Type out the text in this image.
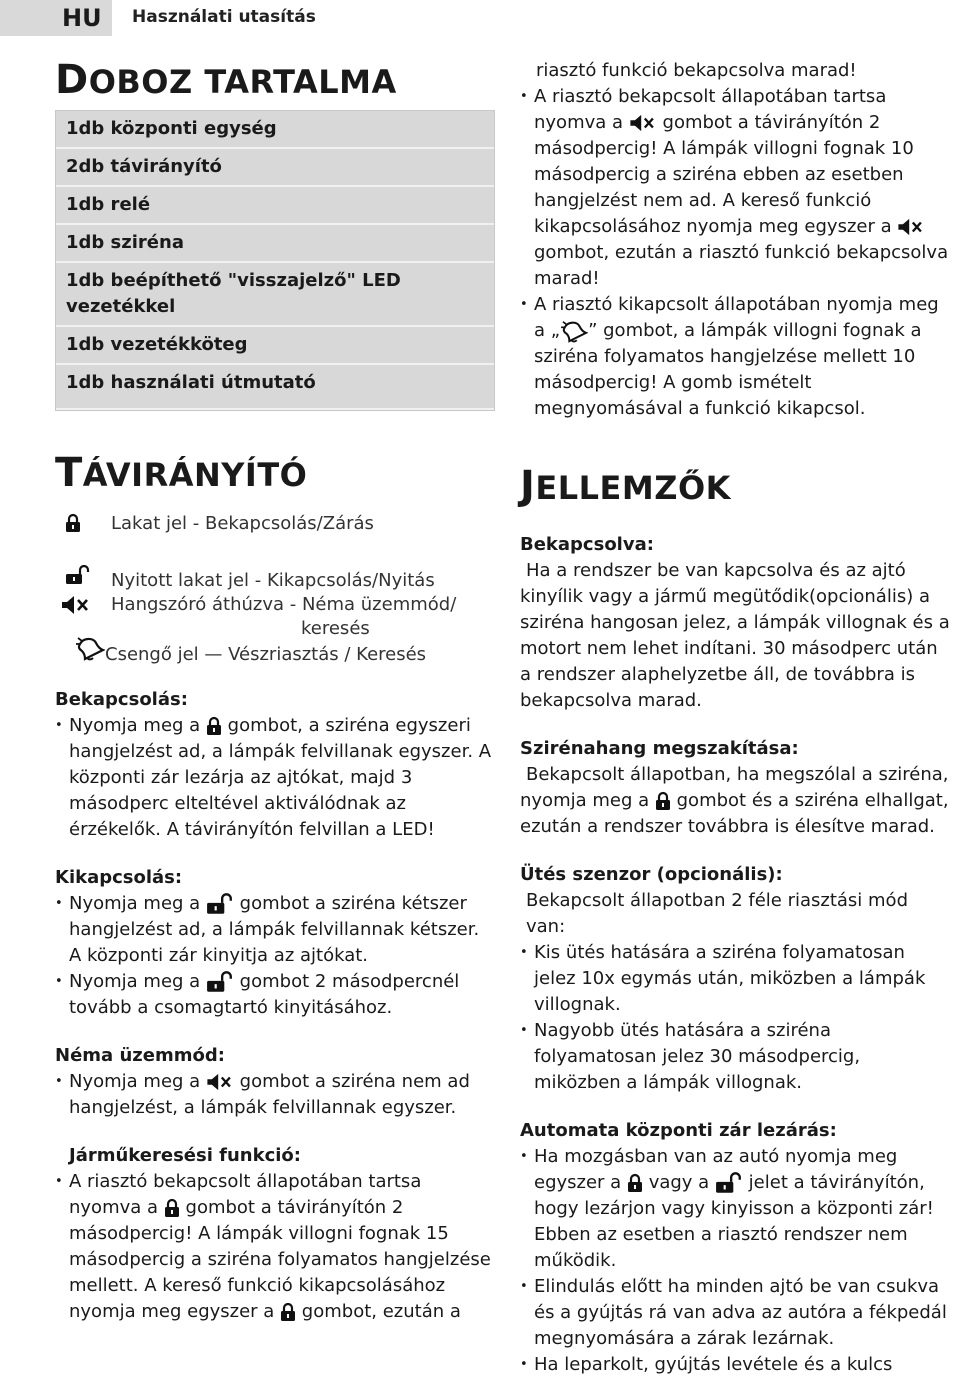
HU	Használati utasítás
DOBOZ TARTALMA
1db központi egység
2db távirányító
1db relé
1db sziréna
1db beépíthető "visszajelző" LED vezetékkel
1db vezetékköteg
1db használati útmutató
TÁVIRÁNYÍTÓ
Lakat jel - Bekapcsolás/Zárás
Nyitott lakat jel - Kikapcsolás/Nyitás
Hangszóró áthúzva - Néma üzemmód/
keresés
Csengő jel — Vészriasztás / Keresés

Bekapcsolás:

• Nyomja meg a gombot, a sziréna egyszeri hangjelzést ad, a lámpák felvillanak egyszer. A központi zár lezárja az ajtókat, majd 3 másodperc elteltével aktiválódnak az érzékelők. A távirányítón felvillan a LED!

Kikapcsolás:

• Nyomja meg a gombot a sziréna kétszer hangjelzést ad, a lámpák felvillannak kétszer. A központi zár kinyitja az ajtókat.
• Nyomja meg a gombot 2 másodpercnél tovább a csomagtartó kinyitásához.

Néma üzemmód:

• Nyomja meg a gombot a sziréna nem ad hangjelzést, a lámpák felvillannak egyszer.

Járműkeresési funkció:

• A riasztó bekapcsolt állapotában tartsa nyomva a gombot a távirányítón 2 másodpercig! A lámpák villogni fognak 15 másodpercig a sziréna folyamatos hangjelzése mellett. A kereső funkció kikapcsolásához nyomja meg egyszer a gombot, ezután a

riasztó funkció bekapcsolva marad!

• A riasztó bekapcsolt állapotában tartsa nyomva a gombot a távirányítón 2 másodpercig! A lámpák villogni fognak 10 másodpercig a sziréna ebben az esetben hangjelzést nem ad. A kereső funkció kikapcsolásához nyomja meg egyszer a  gombot, ezután a riasztó funkció bekapcsolva marad!
• A riasztó kikapcsolt állapotában nyomja meg a „ ” gombot, a lámpák villogni fognak a sziréna folyamatos hangjelzése mellett 10 másodpercig! A gomb ismételt megnyomásával a funkció kikapcsol.
JELLEMZŐK

Bekapcsolva:

Ha a rendszer be van kapcsolva és az ajtó kinyílik vagy a jármű megütődik(opcionális) a sziréna hangosan jelez, a lámpák villognak és a motort nem lehet indítani. 30 másodperc után a rendszer alaphelyzetbe áll, de továbbra is bekapcsolva marad.

Szirénahang megszakítása:

Bekapcsolt állapotban, ha megszólal a sziréna,

nyomja meg a gombot és a sziréna elhallgat,

ezután a rendszer továbbra is élesítve marad.

Ütés szenzor (opcionális):

Bekapcsolt állapotban 2 féle riasztási mód van:

• Kis ütés hatására a sziréna folyamatosan jelez 10x egymás után, miközben a lámpák villognak.
• Nagyobb ütés hatására a sziréna folyamatosan jelez 30 másodpercig, miközben a lámpák villognak.

Automata központi zár lezárás:

• Ha mozgásban van az autó nyomja meg egyszer a vagy a jelet a távirányítón, hogy lezárjon vagy kinyisson a központi zár! Ebben az esetben a riasztó rendszer nem működik.
• Elindulás előtt ha minden ajtó be van csukva és a gyújtás rá van adva az autóra a fékpedál megnyomására a zárak lezárnak.
• Ha leparkolt, gyújtás levétele és a kulcs
